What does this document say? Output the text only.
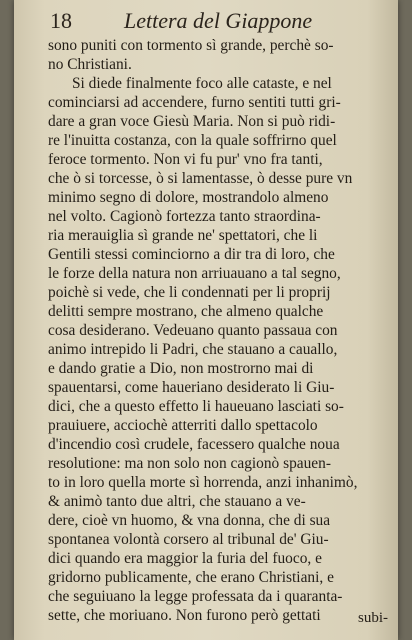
18 Lettera del Giappone
sono puniti con tormento sì grande, perchè so-
no Christiani.
Si diede finalmente foco alle cataste, e nel
cominciarsi ad accendere, furno sentiti tutti gri-
dare a gran voce Giesù Maria. Non si può ridi-
re l'inuitta costanza, con la quale soffrirno quel
feroce tormento. Non vi fu pur' vno fra tanti,
che ò si torcesse, ò si lamentasse, ò desse pure vn
minimo segno di dolore, mostrandolo almeno
nel volto. Cagionò fortezza tanto straordina-
ria merauiglia sì grande ne' spettatori, che li
Gentili stessi cominciorno a dir tra di loro, che
le forze della natura non arriuauano a tal segno,
poichè si vede, che li condennati per li proprij
delitti sempre mostrano, che almeno qualche
cosa desiderano. Vedeuano quanto passaua con
animo intrepido li Padri, che stauano a cauallo,
e dando gratie a Dio, non mostrorno mai di
spauentarsi, come haueriano desiderato li Giu-
dici, che a questo effetto li haueuano lasciati so-
prauiuere, acciochè atterriti dallo spettacolo
d'incendio così crudele, facessero qualche noua
resolutione: ma non solo non cagionò spauen-
to in loro quella morte sì horrenda, anzi inhanimò,
& animò tanto due altri, che stauano a ve-
dere, cioè vn huomo, & vna donna, che di sua
spontanea volontà corsero al tribunal de' Giu-
dici quando era maggior la furia del fuoco, e
gridorno publicamente, che erano Christiani, e
che seguiuano la legge professata da i quaranta-
sette, che moriuano. Non furono però gettati	subi-
